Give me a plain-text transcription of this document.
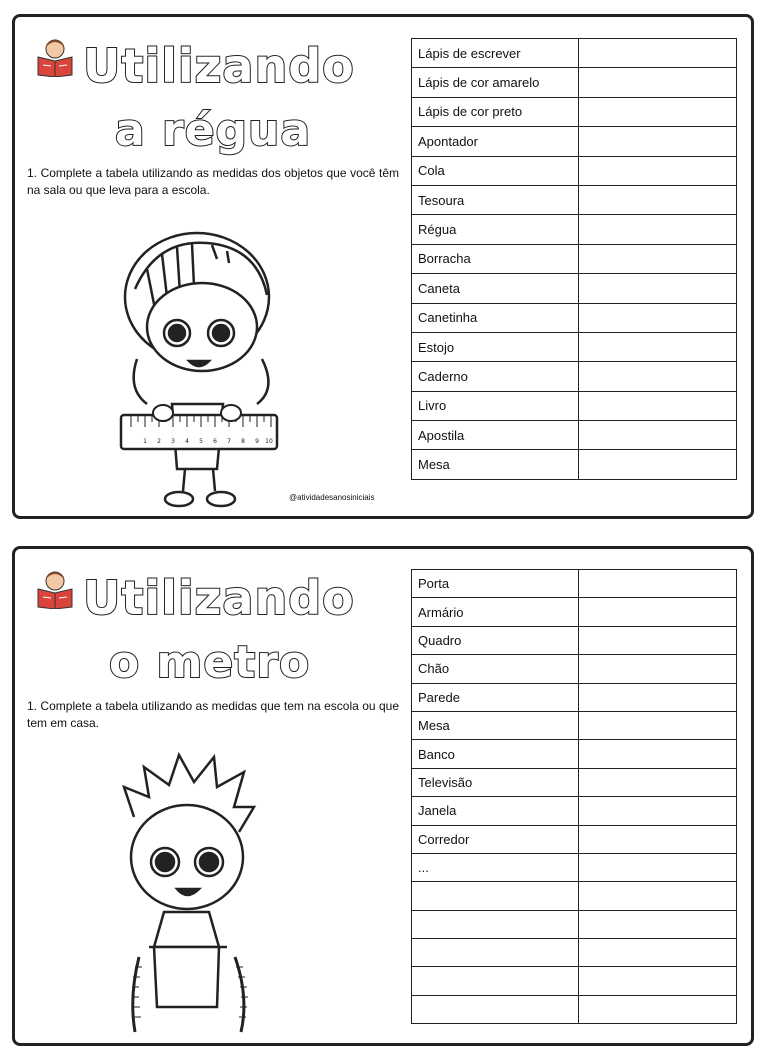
Utilizando
a régua
1. Complete a tabela utilizando as medidas dos objetos que você têm na sala ou que leva para a escola.
1 2 3 4 5 6 7 8 9 10
@atividadesanosiniciais
Lápis de escrever	
Lápis de cor amarelo	
Lápis de cor preto	
Apontador	
Cola	
Tesoura	
Régua	
Borracha	
Caneta	
Canetinha	
Estojo	
Caderno	
Livro	
Apostila	
Mesa	
Utilizando
o metro
1. Complete a tabela utilizando as medidas que tem na escola ou que tem em casa.
Porta	
Armário	
Quadro	
Chão	
Parede	
Mesa	
Banco	
Televisão	
Janela	
Corredor	
...	
